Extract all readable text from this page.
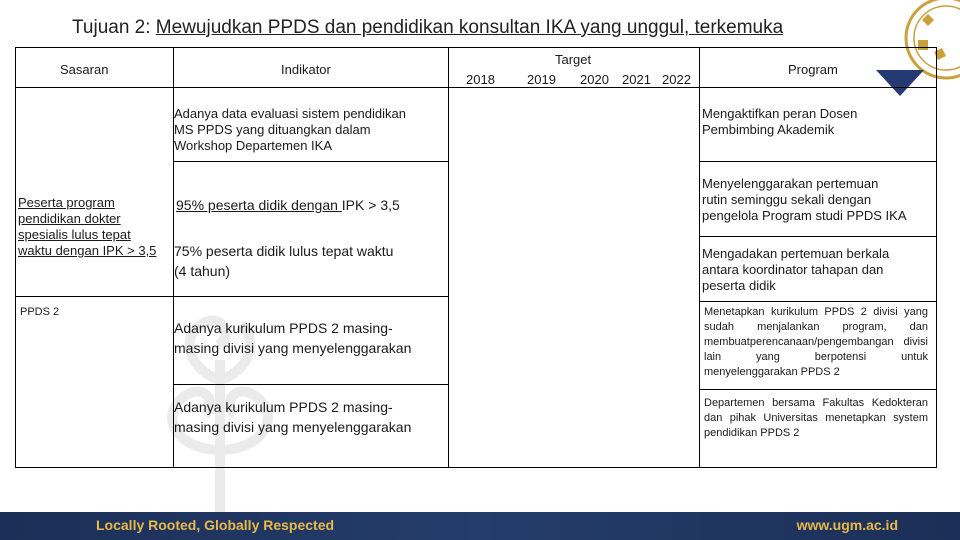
Tujuan 2: Mewujudkan PPDS dan pendidikan konsultan IKA yang unggul, terkemuka
Sasaran	Indikator
Target
2018 2019 2020 2021 2022
Program
Peserta program
pendidikan dokter
spesialis lulus tepat
waktu dengan IPK > 3,5
PPDS 2
Adanya data evaluasi sistem pendidikan
MS PPDS yang dituangkan dalam
Workshop Departemen IKA
95% peserta didik dengan IPK > 3,5
75% peserta didik lulus tepat waktu
(4 tahun)
Adanya kurikulum PPDS 2 masing-
masing divisi yang menyelenggarakan
Adanya kurikulum PPDS 2 masing-
masing divisi yang menyelenggarakan
Mengaktifkan peran Dosen
Pembimbing Akademik
Menyelenggarakan pertemuan
rutin seminggu sekali dengan
pengelola Program studi PPDS IKA
Mengadakan pertemuan berkala
antara koordinator tahapan dan
peserta didik
Menetapkan kurikulum PPDS 2 divisi yang sudah menjalankan program, dan membuatperencanaan/pengembangan divisi lain yang berpotensi untuk menyelenggarakan PPDS 2
Departemen bersama Fakultas Kedokteran dan pihak Universitas menetapkan system pendidikan PPDS 2
Locally Rooted, Globally Respected	www.ugm.ac.id
